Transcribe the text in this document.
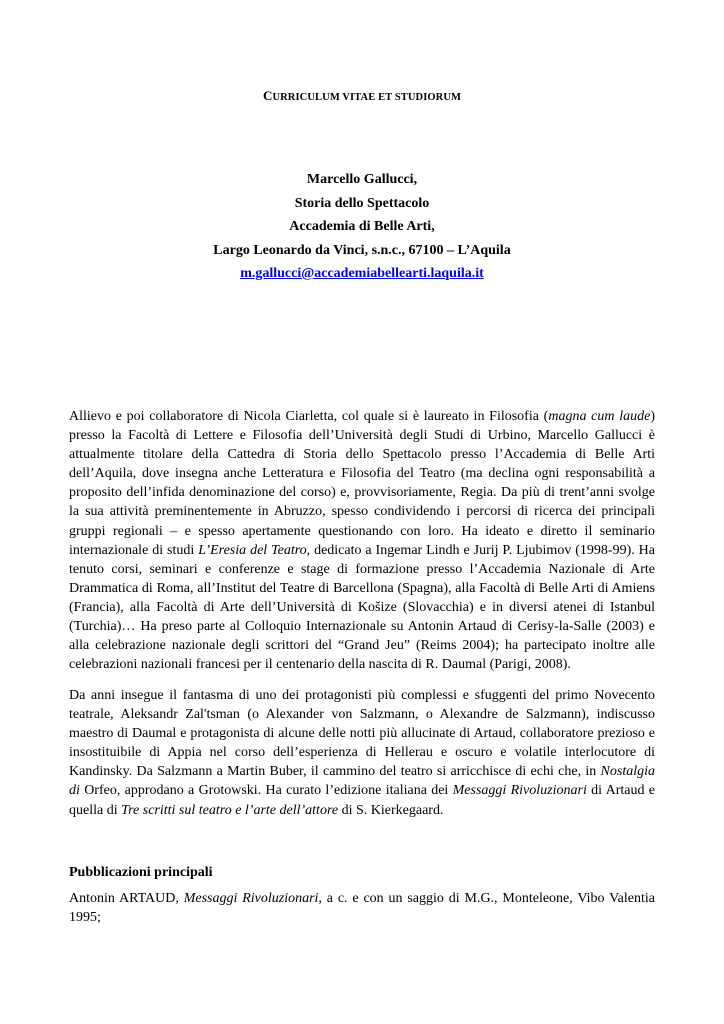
CURRICULUM VITAE ET STUDIORUM
Marcello Gallucci,
Storia dello Spettacolo
Accademia di Belle Arti,
Largo Leonardo da Vinci, s.n.c., 67100 – L’Aquila
m.gallucci@accademiabellearti.laquila.it

Allievo e poi collaboratore di Nicola Ciarletta, col quale si è laureato in Filosofia (magna cum laude) presso la Facoltà di Lettere e Filosofia dell’Università degli Studi di Urbino, Marcello Gallucci è attualmente titolare della Cattedra di Storia dello Spettacolo presso l’Accademia di Belle Arti dell’Aquila, dove insegna anche Letteratura e Filosofia del Teatro (ma declina ogni responsabilità a proposito dell’infida denominazione del corso) e, provvisoriamente, Regia. Da più di trent’anni svolge la sua attività preminentemente in Abruzzo, spesso condividendo i percorsi di ricerca dei principali gruppi regionali – e spesso apertamente questionando con loro. Ha ideato e diretto il seminario internazionale di studi L’Eresia del Teatro, dedicato a Ingemar Lindh e Jurij P. Ljubimov (1998-99). Ha tenuto corsi, seminari e conferenze e stage di formazione presso l’Accademia Nazionale di Arte Drammatica di Roma, all’Institut del Teatre di Barcellona (Spagna), alla Facoltà di Belle Arti di Amiens (Francia), alla Facoltà di Arte dell’Università di Košize (Slovacchia) e in diversi atenei di Istanbul (Turchia)… Ha preso parte al Colloquio Internazionale su Antonin Artaud di Cerisy-la-Salle (2003) e alla celebrazione nazionale degli scrittori del “Grand Jeu” (Reims 2004); ha partecipato inoltre alle celebrazioni nazionali francesi per il centenario della nascita di R. Daumal (Parigi, 2008).

Da anni insegue il fantasma di uno dei protagonisti più complessi e sfuggenti del primo Novecento teatrale, Aleksandr Zal'tsman (o Alexander von Salzmann, o Alexandre de Salzmann), indiscusso maestro di Daumal e protagonista di alcune delle notti più allucinate di Artaud, collaboratore prezioso e insostituibile di Appia nel corso dell’esperienza di Hellerau e oscuro e volatile interlocutore di Kandinsky. Da Salzmann a Martin Buber, il cammino del teatro si arricchisce di echi che, in Nostalgia di Orfeo, approdano a Grotowski. Ha curato l’edizione italiana dei Messaggi Rivoluzionari di Artaud e quella di Tre scritti sul teatro e l’arte dell’attore di S. Kierkegaard.

Pubblicazioni principali

Antonin ARTAUD, Messaggi Rivoluzionari, a c. e con un saggio di M.G., Monteleone, Vibo Valentia 1995;
